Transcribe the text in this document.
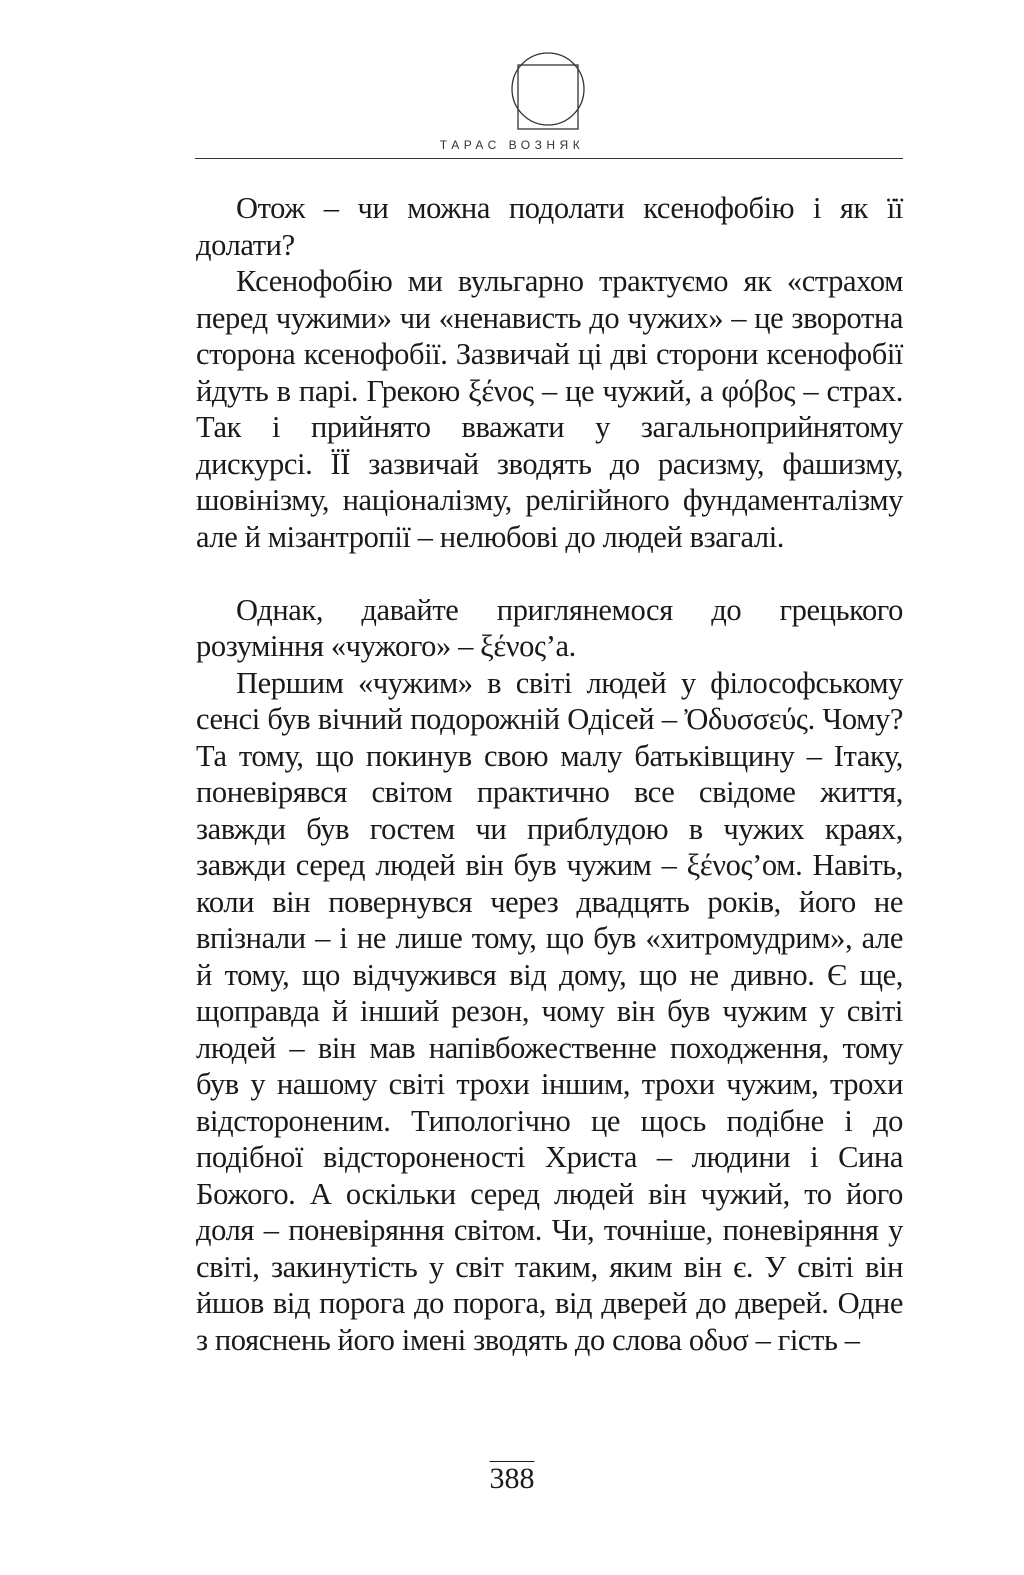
ТАРАС ВОЗНЯК

Отож – чи можна подолати ксенофобію і як її долати?

Ксенофобію ми вульгарно трактуємо як «страхом перед чужими» чи «ненависть до чужих» – це зворотна сторона ксенофобії. Зазвичай ці дві сторони ксенофобії йдуть в парі. Грекою ξένος – це чужий, а φόβος – страх. Так і прийнято вважати у загальноприйнятому дискурсі. ЇЇ зазвичай зводять до расизму, фашизму, шовінізму, націоналізму, релігійного фундаменталізму але й мізантропії – нелюбові до людей взагалі.

Однак, давайте приглянемося до грецького розуміння «чужого» – ξένος’а.

Першим «чужим» в світі людей у філософському сенсі був вічний подорожній Одісей – Ὀδυσσεύς. Чому? Та тому, що покинув свою малу батьківщину – Ітаку, поневірявся світом практично все свідоме життя, завжди був гостем чи приблудою в чужих краях, завжди серед людей він був чужим – ξένος’ом. Навіть, коли він повернувся через двадцять років, його не впізнали – і не лише тому, що був «хитромудрим», але й тому, що відчужився від дому, що не дивно. Є ще, щоправда й інший резон, чому він був чужим у світі людей – він мав напівбожественне походження, тому був у нашому світі трохи іншим, трохи чужим, трохи відстороненим. Типологічно це щось подібне і до подібної відстороненості Христа – людини і Сина Божого. А оскільки серед людей він чужий, то його доля – поневіряння світом. Чи, точніше, поневіряння у світі, закинутість у світ таким, яким він є. У світі він йшов від порога до порога, від дверей до дверей. Одне з пояснень його імені зводять до слова οδυσ – гість –

388
